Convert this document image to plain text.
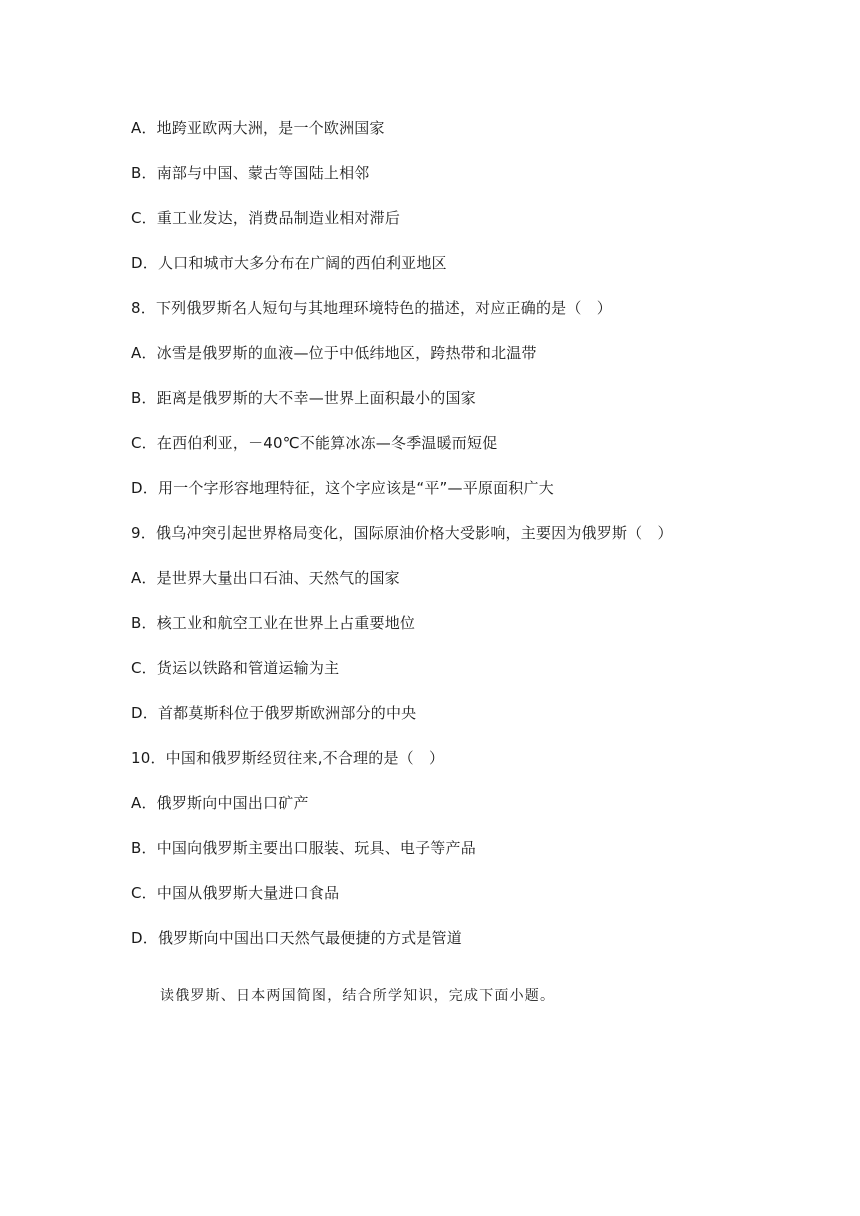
A．地跨亚欧两大洲，是一个欧洲国家
B．南部与中国、蒙古等国陆上相邻
C．重工业发达，消费品制造业相对滞后
D．人口和城市大多分布在广阔的西伯利亚地区
8．下列俄罗斯名人短句与其地理环境特色的描述，对应正确的是（　）
A．冰雪是俄罗斯的血液—位于中低纬地区，跨热带和北温带
B．距离是俄罗斯的大不幸—世界上面积最小的国家
C．在西伯利亚，－40℃不能算冰冻—冬季温暖而短促
D．用一个字形容地理特征，这个字应该是“平”—平原面积广大
9．俄乌冲突引起世界格局变化，国际原油价格大受影响，主要因为俄罗斯（　）
A．是世界大量出口石油、天然气的国家
B．核工业和航空工业在世界上占重要地位
C．货运以铁路和管道运输为主
D．首都莫斯科位于俄罗斯欧洲部分的中央
10．中国和俄罗斯经贸往来,不合理的是（　）
A．俄罗斯向中国出口矿产
B．中国向俄罗斯主要出口服装、玩具、电子等产品
C．中国从俄罗斯大量进口食品
D．俄罗斯向中国出口天然气最便捷的方式是管道
读俄罗斯、日本两国简图，结合所学知识，完成下面小题。
